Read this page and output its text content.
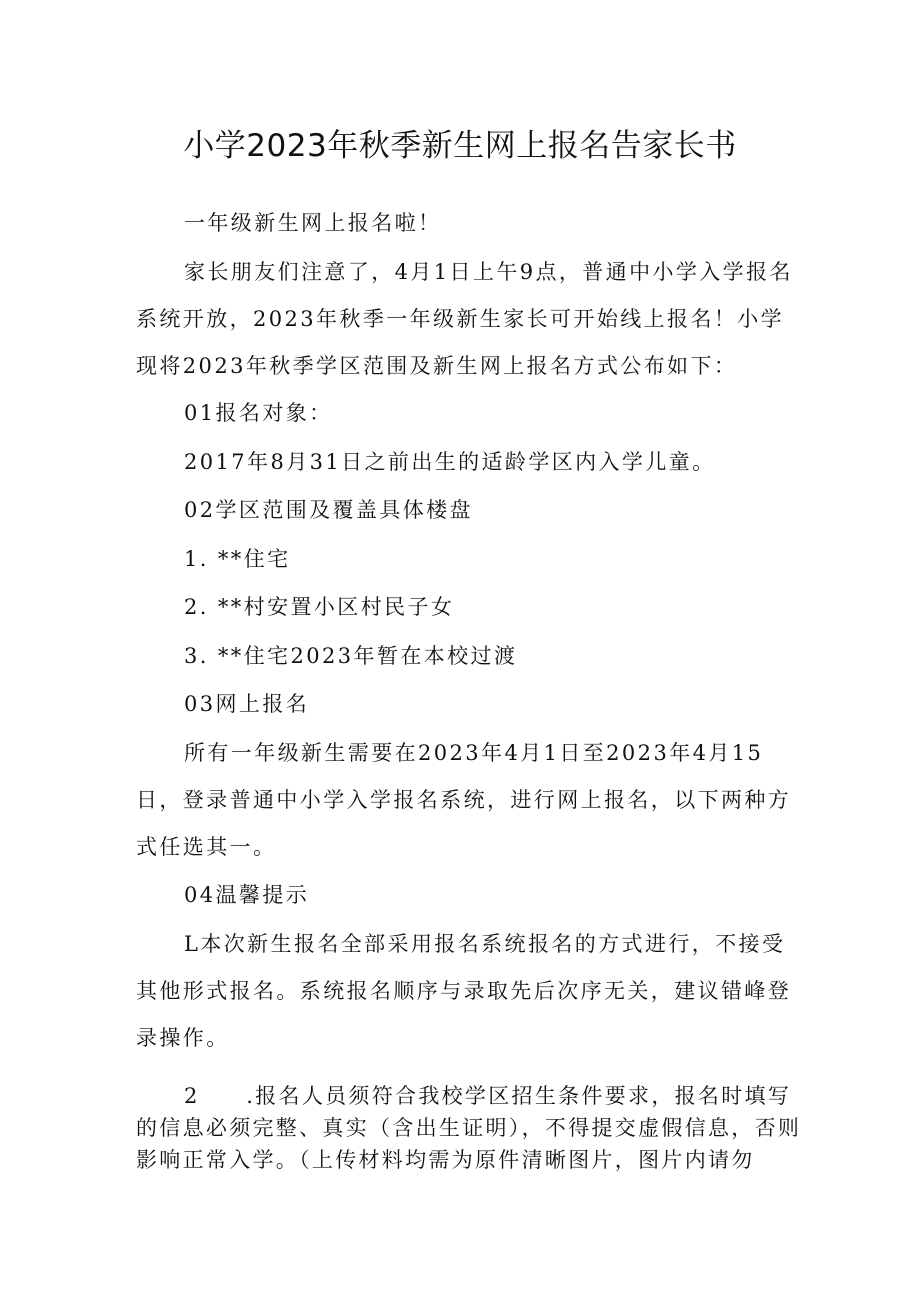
小学2023年秋季新生网上报名告家长书

一年级新生网上报名啦！

家长朋友们注意了，4月1日上午9点，普通中小学入学报名系统开放，2023年秋季一年级新生家长可开始线上报名！小学现将2023年秋季学区范围及新生网上报名方式公布如下：

01报名对象：

2017年8月31日之前出生的适龄学区内入学儿童。

02学区范围及覆盖具体楼盘

1. **住宅

2. **村安置小区村民子女

3. **住宅2023年暂在本校过渡

03网上报名

所有一年级新生需要在2023年4月1日至2023年4月15日，登录普通中小学入学报名系统，进行网上报名，以下两种方式任选其一。

04温馨提示

L本次新生报名全部采用报名系统报名的方式进行，不接受其他形式报名。系统报名顺序与录取先后次序无关，建议错峰登录操作。

2　　.报名人员须符合我校学区招生条件要求，报名时填写的信息必须完整、真实（含出生证明），不得提交虚假信息，否则影响正常入学。（上传材料均需为原件清晰图片，图片内请勿
